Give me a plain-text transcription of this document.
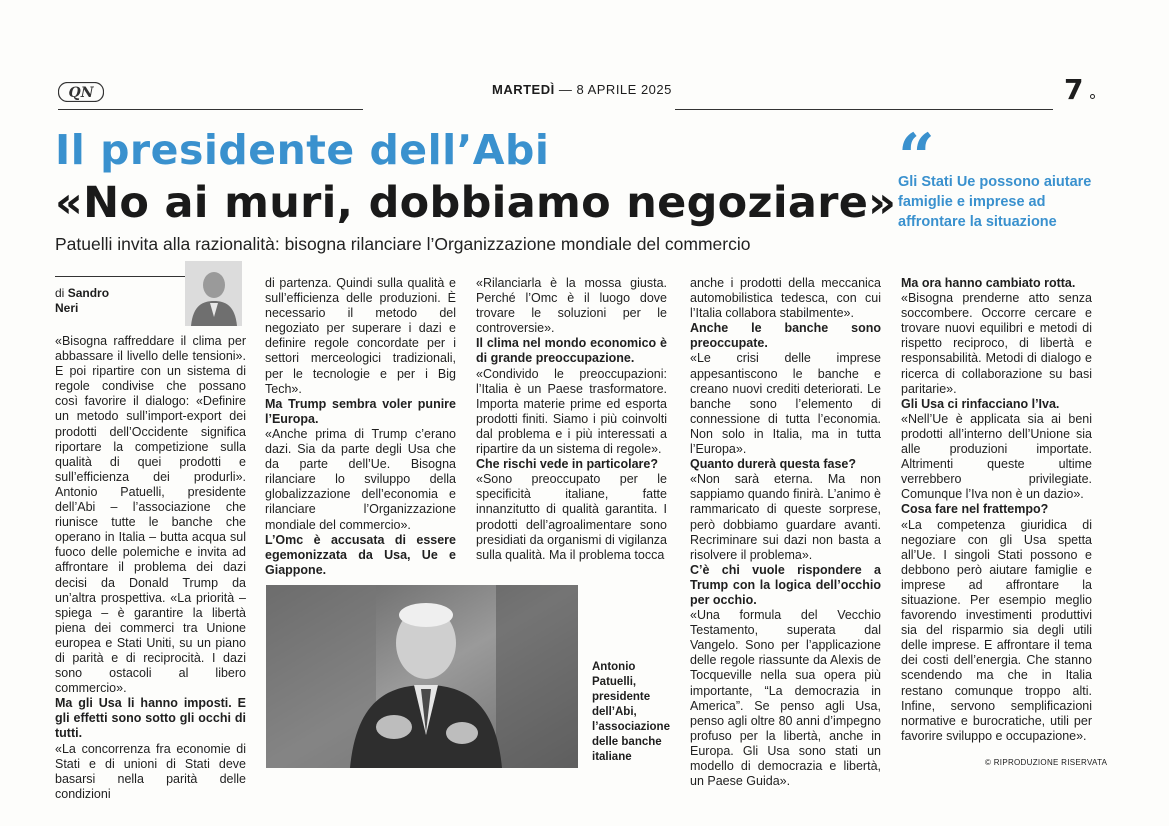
QN	MARTEDÌ — 8 APRILE 2025	7
Il presidente dell’Abi
«No ai muri, dobbiamo negoziare»
Patuelli invita alla razionalità: bisogna rilanciare l’Organizzazione mondiale del commercio
“
Gli Stati Ue possono aiutare famiglie e imprese ad affrontare la situazione
di Sandro
Neri

«Bisogna raffreddare il clima per abbassare il livello delle tensioni». E poi ripartire con un sistema di regole condivise che possano così favorire il dialogo: «Definire un metodo sull’import-export dei prodotti dell’Occidente significa riportare la competizione sulla qualità di quei prodotti e sull’efficienza dei produrli». Antonio Patuelli, presidente dell’Abi – l’associazione che riunisce tutte le banche che operano in Italia – butta acqua sul fuoco delle polemiche e invita ad affrontare il problema dei dazi decisi da Donald Trump da un’altra prospettiva. «La priorità – spiega – è garantire la libertà piena dei commerci tra Unione europea e Stati Uniti, su un piano di parità e di reciprocità. I dazi sono ostacoli al libero commercio».

Ma gli Usa li hanno imposti. E gli effetti sono sotto gli occhi di tutti.

«La concorrenza fra economie di Stati e di unioni di Stati deve basarsi nella parità delle condizioni

di partenza. Quindi sulla qualità e sull’efficienza delle produzioni. È necessario il metodo del negoziato per superare i dazi e definire regole concordate per i settori merceologici tradizionali, per le tecnologie e per i Big Tech».

Ma Trump sembra voler punire l’Europa.

«Anche prima di Trump c’erano dazi. Sia da parte degli Usa che da parte dell’Ue. Bisogna rilanciare lo sviluppo della globalizzazione dell’economia e rilanciare l’Organizzazione mondiale del commercio».

L’Omc è accusata di essere egemonizzata da Usa, Ue e Giappone.

«Rilanciarla è la mossa giusta. Perché l’Omc è il luogo dove trovare le soluzioni per le controversie».

Il clima nel mondo economico è di grande preoccupazione.

«Condivido le preoccupazioni: l’Italia è un Paese trasformatore. Importa materie prime ed esporta prodotti finiti. Siamo i più coinvolti dal problema e i più interessati a ripartire da un sistema di regole».

Che rischi vede in particolare?

«Sono preoccupato per le specificità italiane, fatte innanzitutto di qualità garantita. I prodotti dell’agroalimentare sono presidiati da organismi di vigilanza sulla qualità. Ma il problema tocca

anche i prodotti della meccanica automobilistica tedesca, con cui l’Italia collabora stabilmente».

Anche le banche sono preoccupate.

«Le crisi delle imprese appesantiscono le banche e creano nuovi crediti deteriorati. Le banche sono l’elemento di connessione di tutta l’economia. Non solo in Italia, ma in tutta l’Europa».

Quanto durerà questa fase?

«Non sarà eterna. Ma non sappiamo quando finirà. L’animo è rammaricato di queste sorprese, però dobbiamo guardare avanti. Recriminare sui dazi non basta a risolvere il problema».

C’è chi vuole rispondere a Trump con la logica dell’occhio per occhio.

«Una formula del Vecchio Testamento, superata dal Vangelo. Sono per l’applicazione delle regole riassunte da Alexis de Tocqueville nella sua opera più importante, “La democrazia in America”. Se penso agli Usa, penso agli oltre 80 anni d’impegno profuso per la libertà, anche in Europa. Gli Usa sono stati un modello di democrazia e libertà, un Paese Guida».

Ma ora hanno cambiato rotta.

«Bisogna prenderne atto senza soccombere. Occorre cercare e trovare nuovi equilibri e metodi di rispetto reciproco, di libertà e responsabilità. Metodi di dialogo e ricerca di collaborazione su basi paritarie».

Gli Usa ci rinfacciano l’Iva.

«Nell’Ue è applicata sia ai beni prodotti all’interno dell’Unione sia alle produzioni importate. Altrimenti queste ultime verrebbero privilegiate. Comunque l’Iva non è un dazio».

Cosa fare nel frattempo?

«La competenza giuridica di negoziare con gli Usa spetta all’Ue. I singoli Stati possono e debbono però aiutare famiglie e imprese ad affrontare la situazione. Per esempio meglio favorendo investimenti produttivi sia del risparmio sia degli utili delle imprese. E affrontare il tema dei costi dell’energia. Che stanno scendendo ma che in Italia restano comunque troppo alti. Infine, servono semplificazioni normative e burocratiche, utili per favorire sviluppo e occupazione».

Antonio Patuelli, presidente dell’Abi, l’associazione delle banche italiane	© RIPRODUZIONE RISERVATA
